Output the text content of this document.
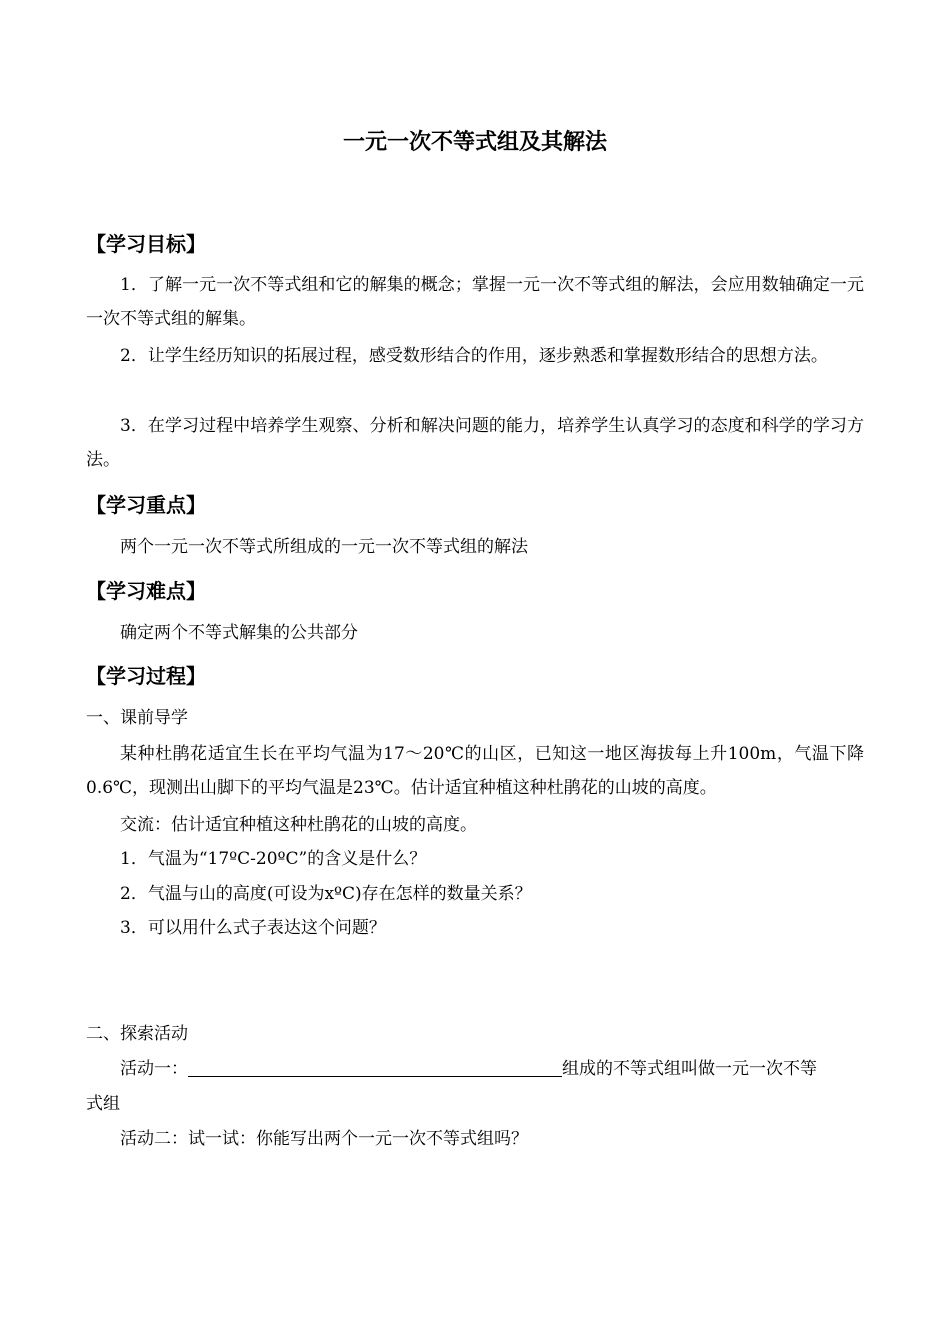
一元一次不等式组及其解法
【学习目标】

1．了解一元一次不等式组和它的解集的概念；掌握一元一次不等式组的解法，会应用数轴确定一元一次不等式组的解集。

2．让学生经历知识的拓展过程，感受数形结合的作用，逐步熟悉和掌握数形结合的思想方法。

3．在学习过程中培养学生观察、分析和解决问题的能力，培养学生认真学习的态度和科学的学习方法。

【学习重点】
两个一元一次不等式所组成的一元一次不等式组的解法
【学习难点】
确定两个不等式解集的公共部分
【学习过程】
一、课前导学

某种杜鹃花适宜生长在平均气温为17～20℃的山区，已知这一地区海拔每上升100m，气温下降0.6℃，现测出山脚下的平均气温是23℃。估计适宜种植这种杜鹃花的山坡的高度。

交流：估计适宜种植这种杜鹃花的山坡的高度。
1．气温为“17ºC-20ºC”的含义是什么？
2．气温与山的高度(可设为xºC)存在怎样的数量关系？
3．可以用什么式子表达这个问题？
二、探索活动
活动一：	组成的不等式组叫做一元一次不等
式组
活动二：试一试：你能写出两个一元一次不等式组吗？
